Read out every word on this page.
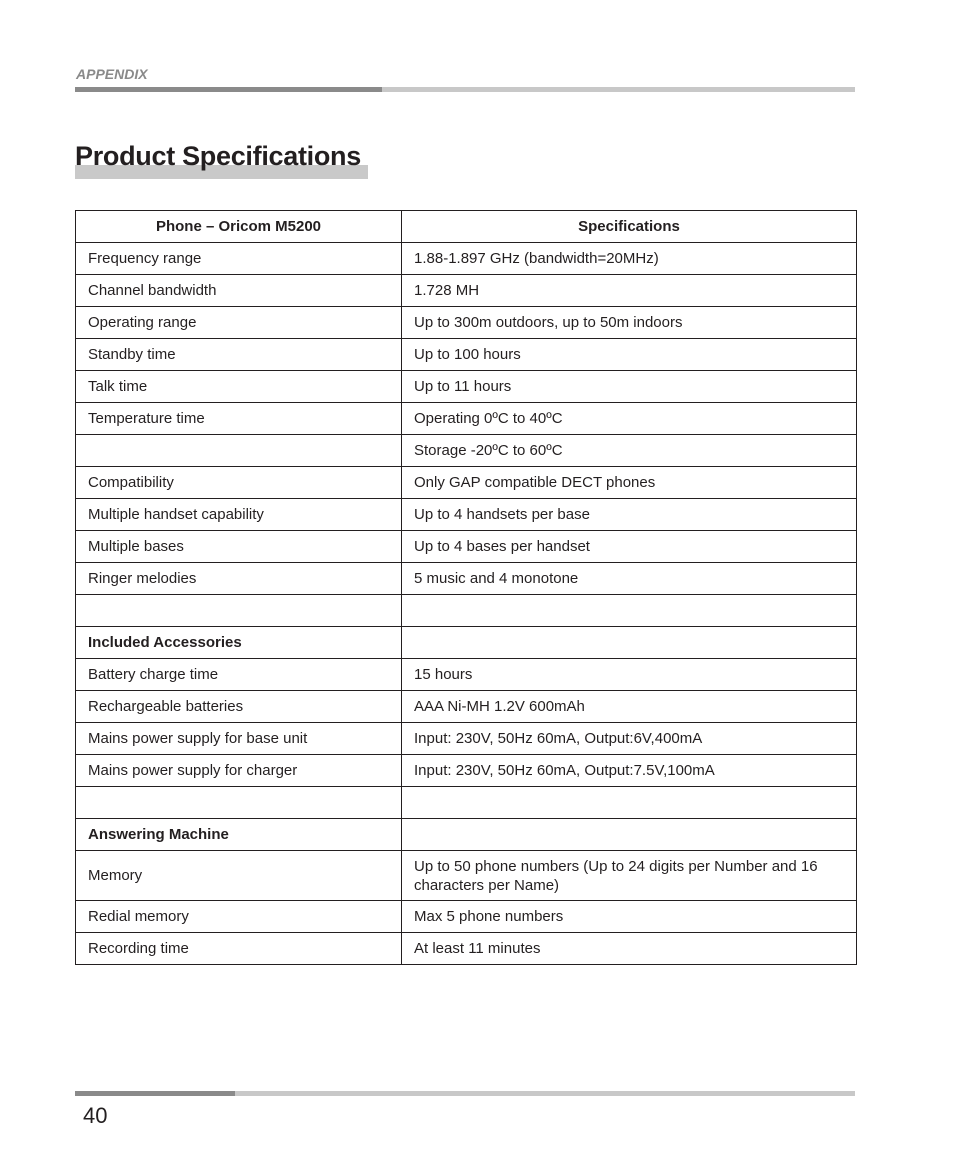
APPENDIX
Product Specifications
Phone – Oricom M5200	Specifications
Frequency range	1.88-1.897 GHz (bandwidth=20MHz)
Channel bandwidth	1.728 MH
Operating range	Up to 300m outdoors, up to 50m indoors
Standby time	Up to 100 hours
Talk time	Up to 11 hours
Temperature time	Operating 0ºC to 40ºC
	Storage -20ºC to 60ºC
Compatibility	Only GAP compatible DECT phones
Multiple handset capability	Up to 4 handsets per base
Multiple bases	Up to 4 bases per handset
Ringer melodies	5 music and 4 monotone

Included Accessories	
Battery charge time	15 hours
Rechargeable batteries	AAA Ni-MH 1.2V 600mAh
Mains power supply for base unit	Input: 230V, 50Hz 60mA, Output:6V,400mA
Mains power supply for charger	Input: 230V, 50Hz 60mA, Output:7.5V,100mA

Answering Machine	
Memory	Up to 50 phone numbers (Up to 24 digits per Number and 16 characters per Name)
Redial memory	Max 5 phone numbers
Recording time	At least 11 minutes
40
